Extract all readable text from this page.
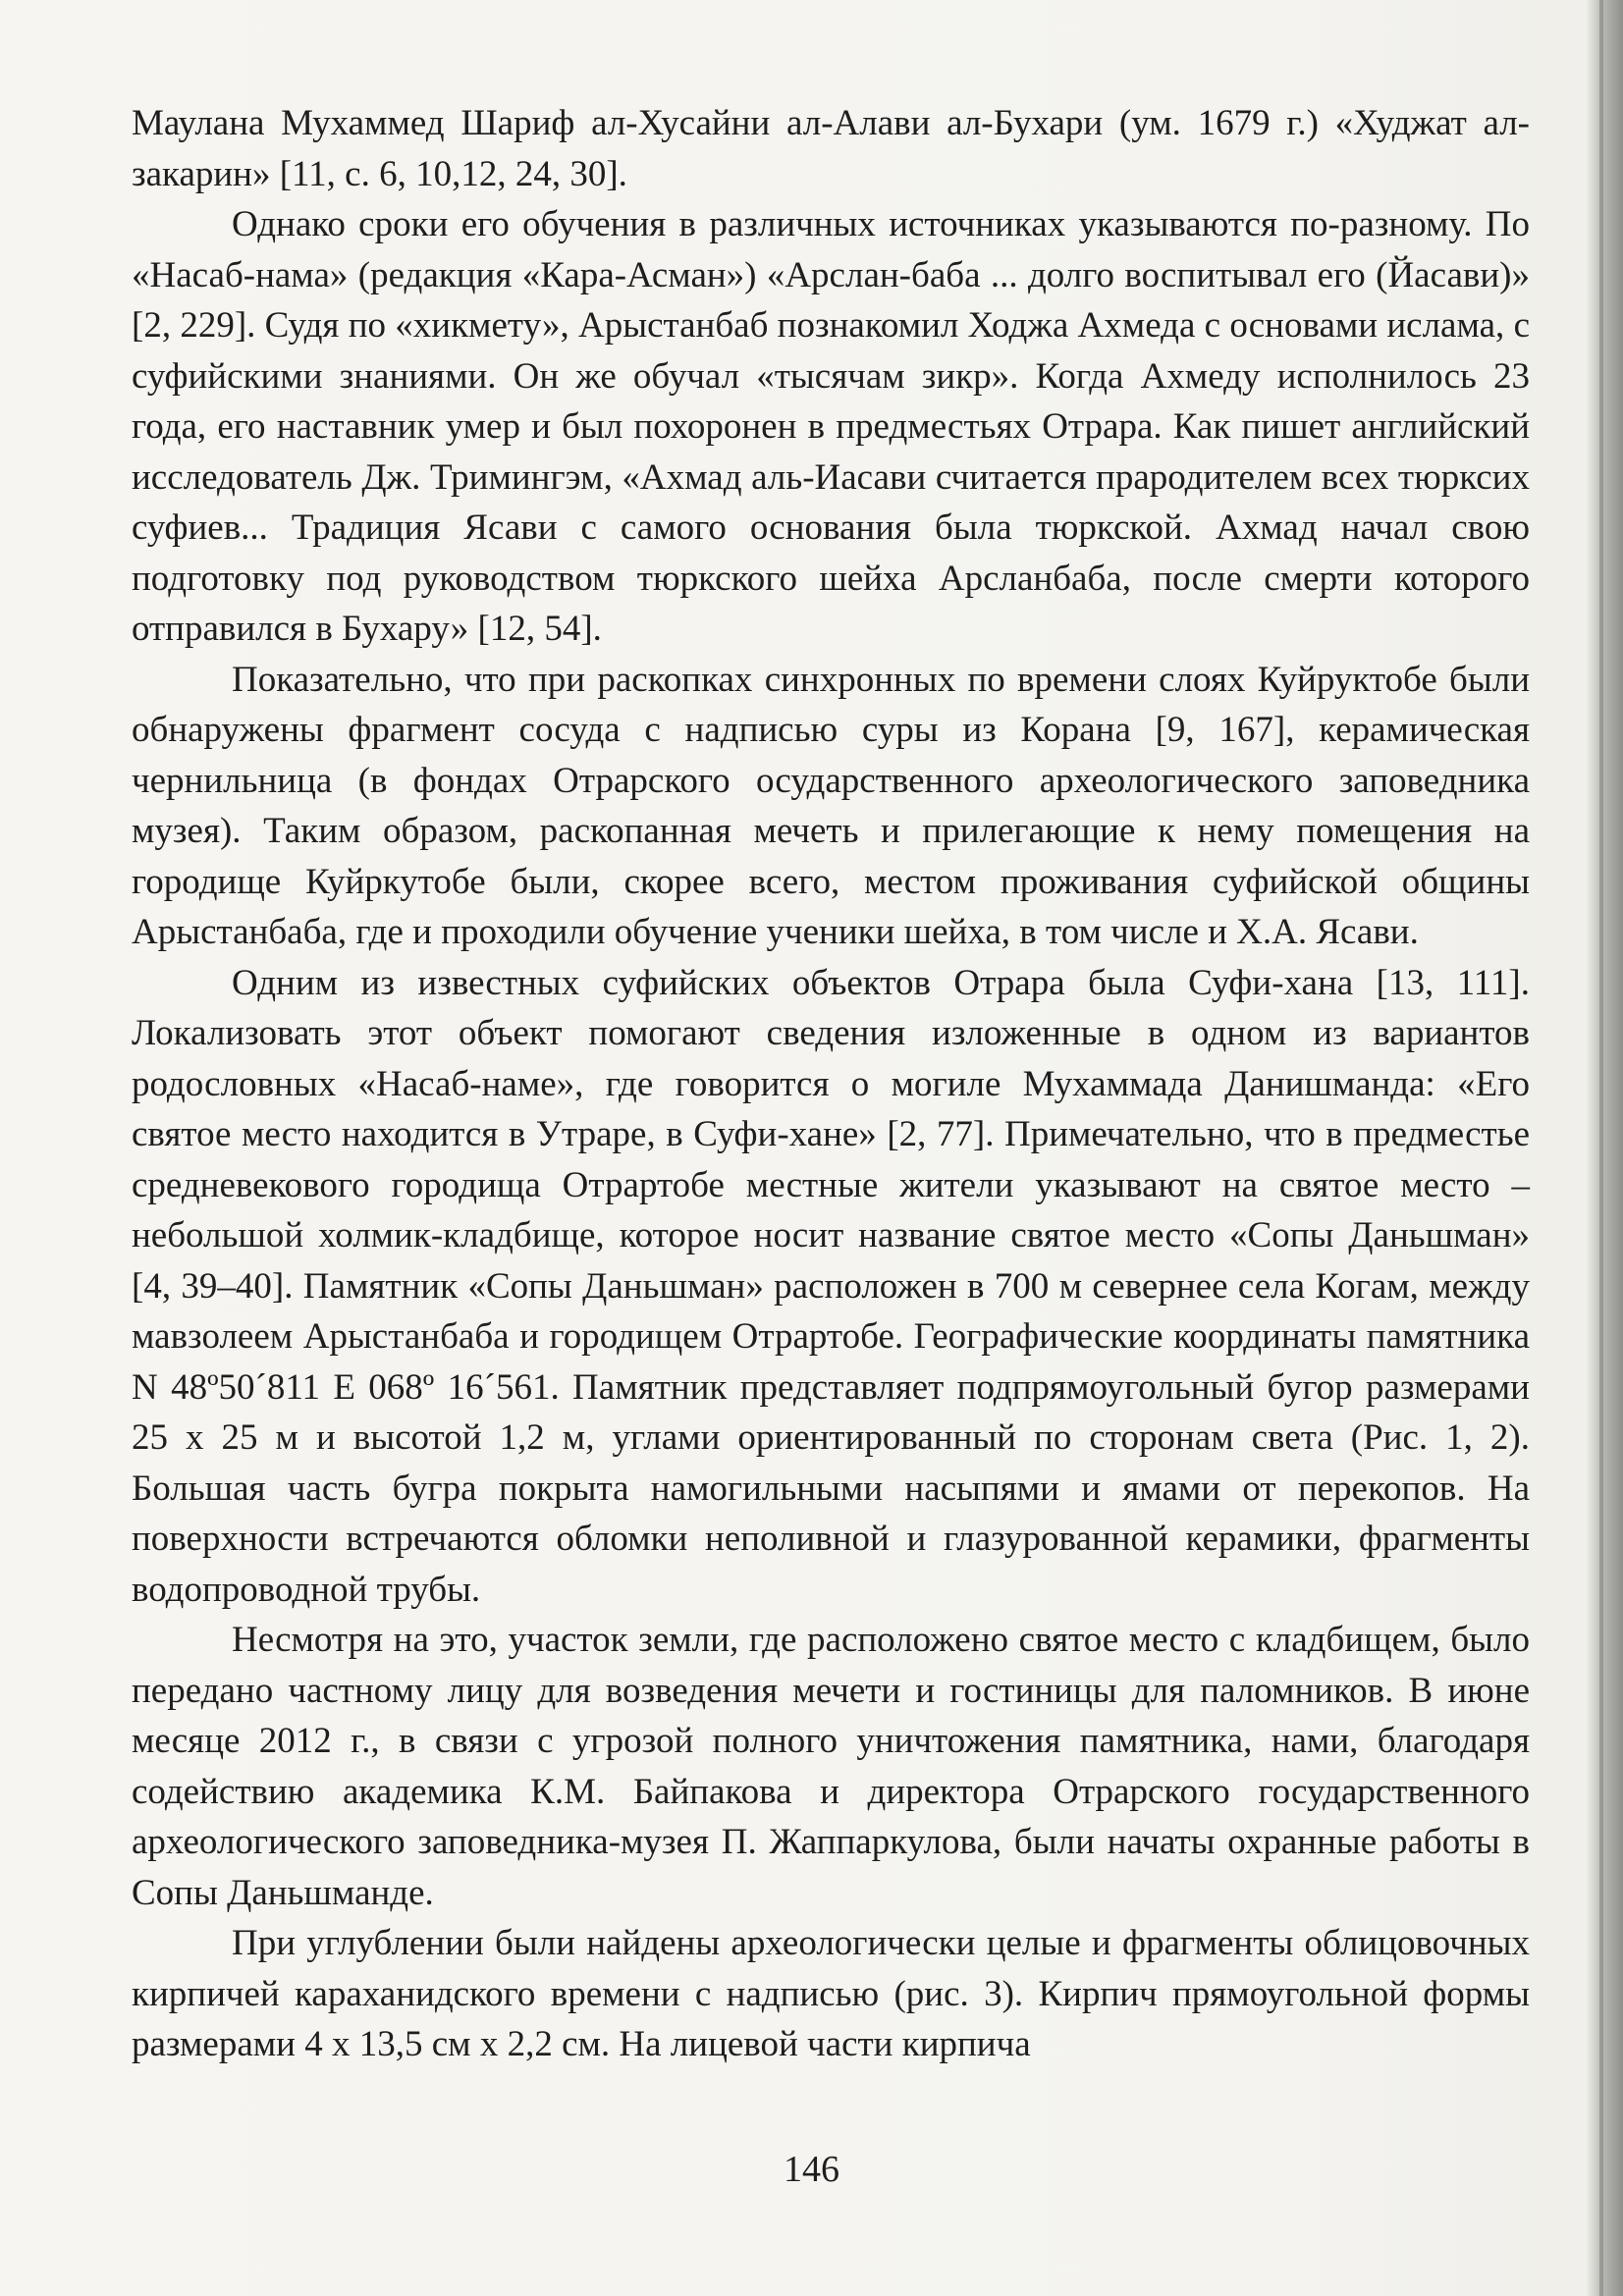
Маулана Мухаммед Шариф ал-Хусайни ал-Алави ал-Бухари (ум. 1679 г.) «Худжат ал-закарин» [11, с. 6, 10,12, 24, 30].

Однако сроки его обучения в различных источниках указываются по-разному. По «Насаб-нама» (редакция «Кара-Асман») «Арслан-баба ... долго воспитывал его (Йасави)» [2, 229]. Судя по «хикмету», Арыстанбаб познакомил Ходжа Ахмеда с основами ислама, с суфийскими знаниями. Он же обучал «тысячам зикр». Когда Ахмеду исполнилось 23 года, его наставник умер и был похоронен в предместьях Отрара. Как пишет английский исследователь Дж. Тримингэм, «Ахмад аль-Иасави считается прародителем всех тюрксих суфиев... Традиция Ясави с самого основания была тюркской. Ахмад начал свою подготовку под руководством тюркского шейха Арсланбаба, после смерти которого отправился в Бухару» [12, 54].

Показательно, что при раскопках синхронных по времени слоях Куйруктобе были обнаружены фрагмент сосуда с надписью суры из Корана [9, 167], керамическая чернильница (в фондах Отрарского осударственного археологического заповедника музея). Таким образом, раскопанная мечеть и прилегающие к нему помещения на городище Куйркутобе были, скорее всего, местом проживания суфийской общины Арыстанбаба, где и проходили обучение ученики шейха, в том числе и Х.А. Ясави.

Одним из известных суфийских объектов Отрара была Суфи-хана [13, 111]. Локализовать этот объект помогают сведения изложенные в одном из вариантов родословных «Насаб-наме», где говорится о могиле Мухаммада Данишманда: «Его святое место находится в Утраре, в Суфи-хане» [2, 77]. Примечательно, что в предместье средневекового городища Отрартобе местные жители указывают на святое место – небольшой холмик-кладбище, которое носит название святое место «Сопы Даньшман» [4, 39–40]. Памятник «Сопы Даньшман» расположен в 700 м севернее села Когам, между мавзолеем Арыстанбаба и городищем Отрартобе. Географические координаты памятника N 48º50´811 E 068º 16´561. Памятник представляет подпрямоугольный бугор размерами 25 х 25 м и высотой 1,2 м, углами ориентированный по сторонам света (Рис. 1, 2). Большая часть бугра покрыта намогильными насыпями и ямами от перекопов. На поверхности встречаются обломки неполивной и глазурованной керамики, фрагменты водопроводной трубы.

Несмотря на это, участок земли, где расположено святое место с кладбищем, было передано частному лицу для возведения мечети и гостиницы для паломников. В июне месяце 2012 г., в связи с угрозой полного уничтожения памятника, нами, благодаря содействию академика К.М. Байпакова и директора Отрарского государственного археологического заповедника-музея П. Жаппаркулова, были начаты охранные работы в Сопы Даньшманде.

При углублении были найдены археологически целые и фрагменты облицовочных кирпичей караханидского времени с надписью (рис. 3). Кирпич прямоугольной формы размерами 4 х 13,5 см х 2,2 см. На лицевой части кирпича

146
